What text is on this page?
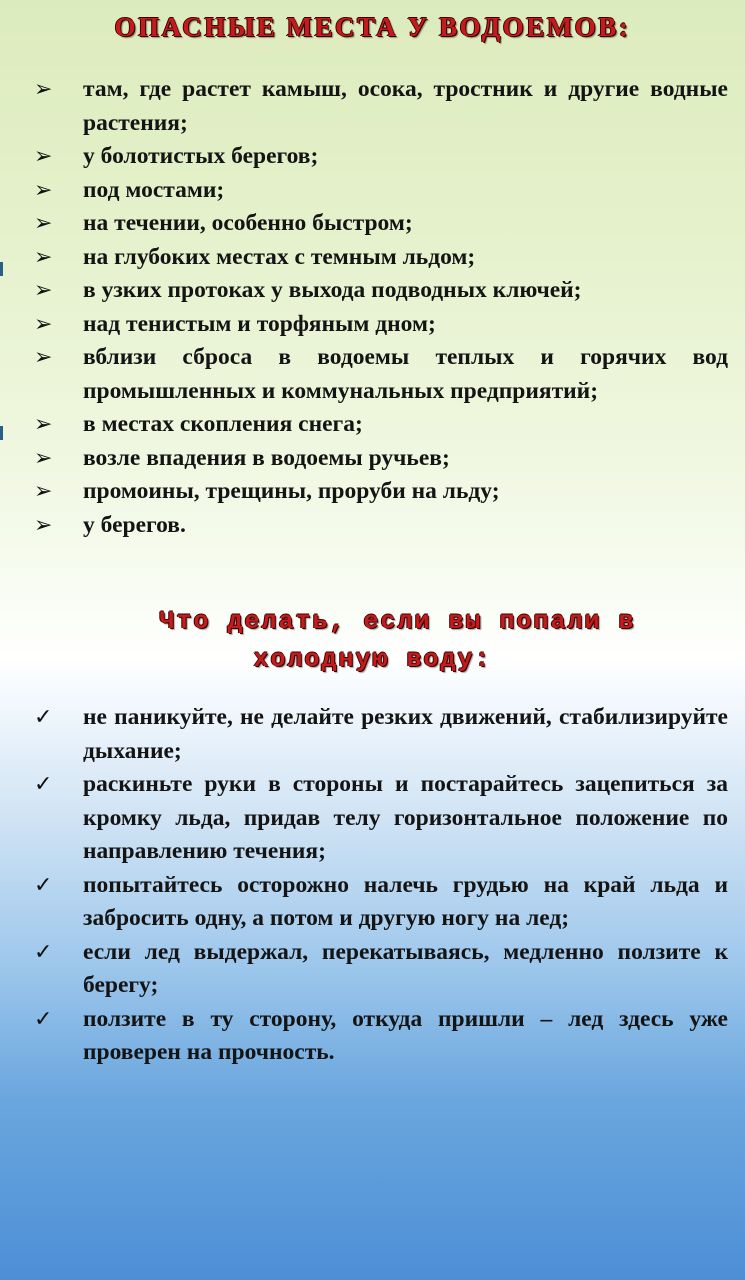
ОПАСНЫЕ МЕСТА У ВОДОЕМОВ:
➢	там, где растет камыш, осока, тростник и другие водные растения;
➢	у болотистых берегов;
➢	под мостами;
➢	на течении, особенно быстром;
➢	на глубоких местах с темным льдом;
➢	в узких протоках у выхода подводных ключей;
➢	над тенистым и торфяным дном;
➢	вблизи сброса в водоемы теплых и горячих вод промышленных и коммунальных предприятий;
➢	в местах скопления снега;
➢	возле впадения в водоемы ручьев;
➢	промоины, трещины, проруби на льду;
➢	у берегов.
Что делать, если вы попали в
холодную воду:
✓	не паникуйте, не делайте резких движений, стабилизируйте дыхание;
✓	раскиньте руки в стороны и постарайтесь зацепиться за кромку льда, придав телу горизонтальное положение по направлению течения;
✓	попытайтесь осторожно налечь грудью на край льда и забросить одну, а потом и другую ногу на лед;
✓	если лед выдержал, перекатываясь, медленно ползите к берегу;
✓	ползите в ту сторону, откуда пришли – лед здесь уже проверен на прочность.
